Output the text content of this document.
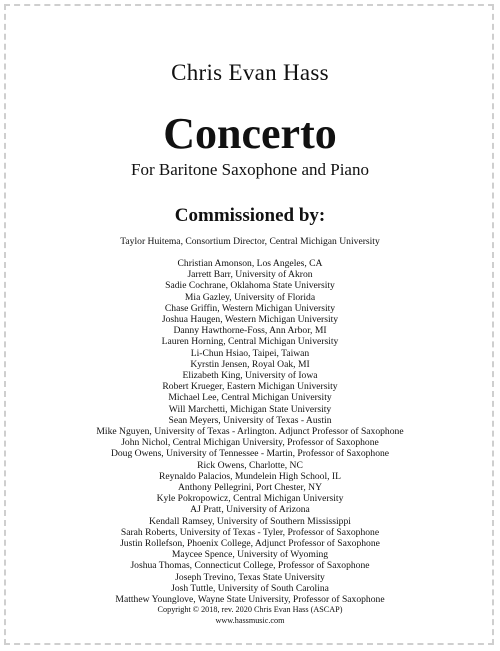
Chris Evan Hass
Concerto
For Baritone Saxophone and Piano
Commissioned by:
Taylor Huitema, Consortium Director, Central Michigan University
Christian Amonson, Los Angeles, CA
Jarrett Barr, University of Akron
Sadie Cochrane, Oklahoma State University
Mia Gazley, University of Florida
Chase Griffin, Western Michigan University
Joshua Haugen, Western Michigan University
Danny Hawthorne-Foss, Ann Arbor, MI
Lauren Horning, Central Michigan University
Li-Chun Hsiao, Taipei, Taiwan
Kyrstin Jensen, Royal Oak, MI
Elizabeth King, University of Iowa
Robert Krueger, Eastern Michigan University
Michael Lee, Central Michigan University
Will Marchetti, Michigan State University
Sean Meyers, University of Texas - Austin
Mike Nguyen, University of Texas - Arlington. Adjunct Professor of Saxophone
John Nichol, Central Michigan University, Professor of Saxophone
Doug Owens, University of Tennessee - Martin, Professor of Saxophone
Rick Owens, Charlotte, NC
Reynaldo Palacios, Mundelein High School, IL
Anthony Pellegrini, Port Chester, NY
Kyle Pokropowicz, Central Michigan University
AJ Pratt, University of Arizona
Kendall Ramsey, University of Southern Mississippi
Sarah Roberts, University of Texas - Tyler, Professor of Saxophone
Justin Rollefson, Phoenix College, Adjunct Professor of Saxophone
Maycee Spence, University of Wyoming
Joshua Thomas, Connecticut College, Professor of Saxophone
Joseph Trevino, Texas State University
Josh Tuttle, University of South Carolina
Matthew Younglove, Wayne State University, Professor of Saxophone
Copyright © 2018, rev. 2020 Chris Evan Hass (ASCAP)
www.hassmusic.com
